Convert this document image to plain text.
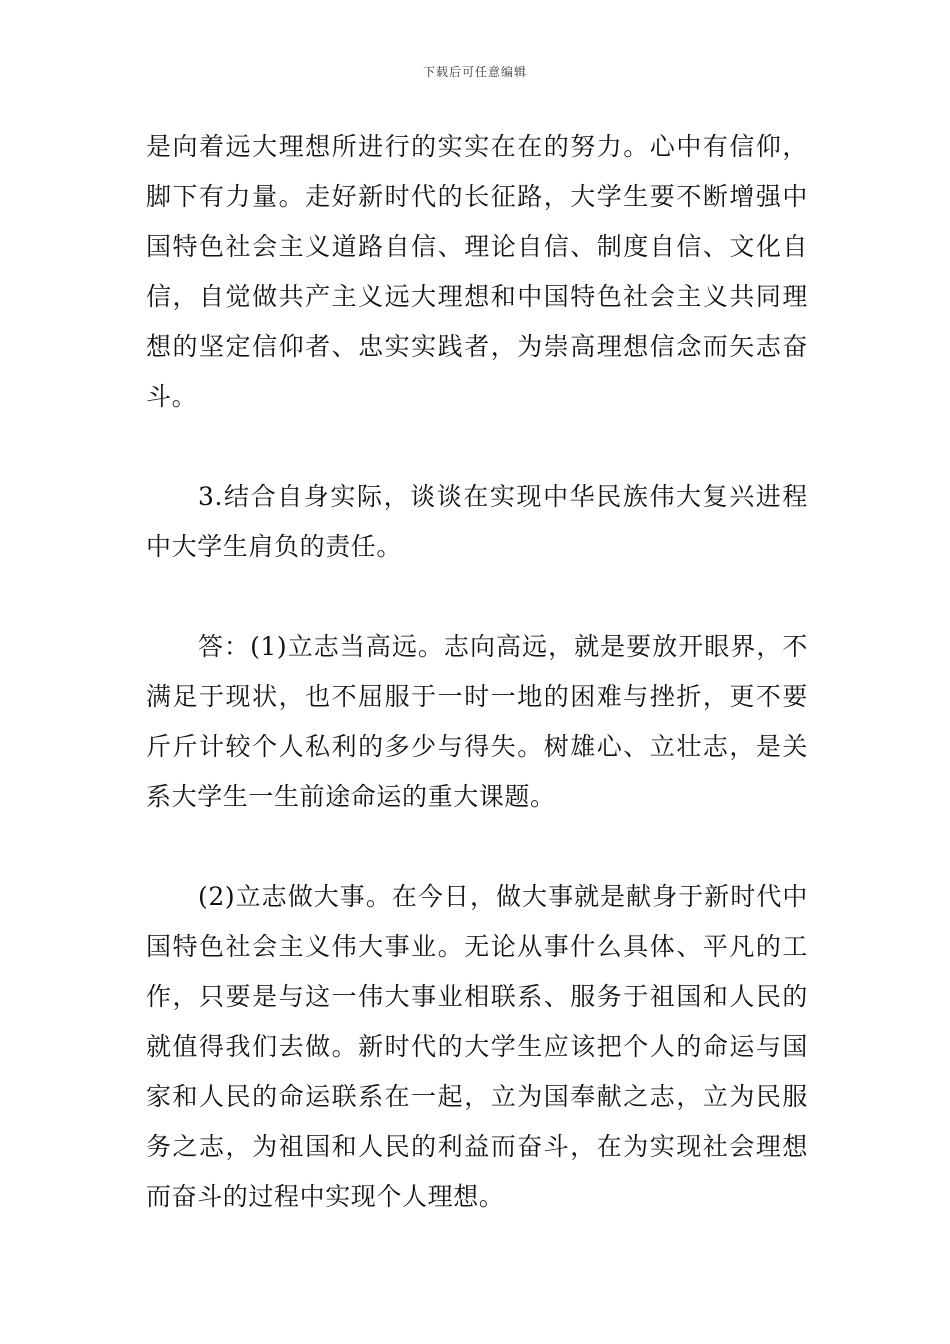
下载后可任意编辑

是向着远大理想所进行的实实在在的努力。心中有信仰，脚下有力量。走好新时代的长征路，大学生要不断增强中国特色社会主义道路自信、理论自信、制度自信、文化自信，自觉做共产主义远大理想和中国特色社会主义共同理想的坚定信仰者、忠实实践者，为崇高理想信念而矢志奋斗。

3.结合自身实际，谈谈在实现中华民族伟大复兴进程中大学生肩负的责任。

答：(1)立志当高远。志向高远，就是要放开眼界，不满足于现状，也不屈服于一时一地的困难与挫折，更不要斤斤计较个人私利的多少与得失。树雄心、立壮志，是关系大学生一生前途命运的重大课题。

(2)立志做大事。在今日，做大事就是献身于新时代中国特色社会主义伟大事业。无论从事什么具体、平凡的工作，只要是与这一伟大事业相联系、服务于祖国和人民的就值得我们去做。新时代的大学生应该把个人的命运与国家和人民的命运联系在一起，立为国奉献之志，立为民服务之志，为祖国和人民的利益而奋斗，在为实现社会理想而奋斗的过程中实现个人理想。
